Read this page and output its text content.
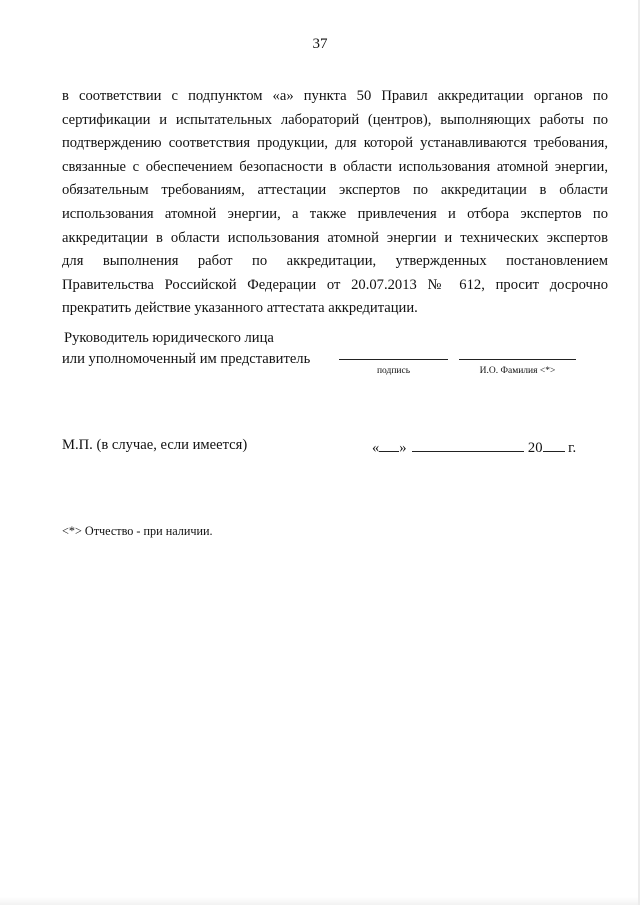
37
в соответствии с подпунктом «а» пункта 50 Правил аккредитации органов по
сертификации и испытательных лабораторий (центров), выполняющих работы по
подтверждению соответствия продукции, для которой устанавливаются требования,
связанные с обеспечением безопасности в области использования атомной энергии,
обязательным требованиям, аттестации экспертов по аккредитации в области
использования атомной энергии, а также привлечения и отбора экспертов по
аккредитации в области использования атомной энергии и технических экспертов
для выполнения работ по аккредитации, утвержденных постановлением
Правительства Российской Федерации от 20.07.2013 № 612, просит досрочно
прекратить действие указанного аттестата аккредитации.
Руководитель юридического лица
или уполномоченный им представитель
подпись	И.О. Фамилия <*>
М.П. (в случае, если имеется)	« »	20 г.
<*> Отчество - при наличии.
